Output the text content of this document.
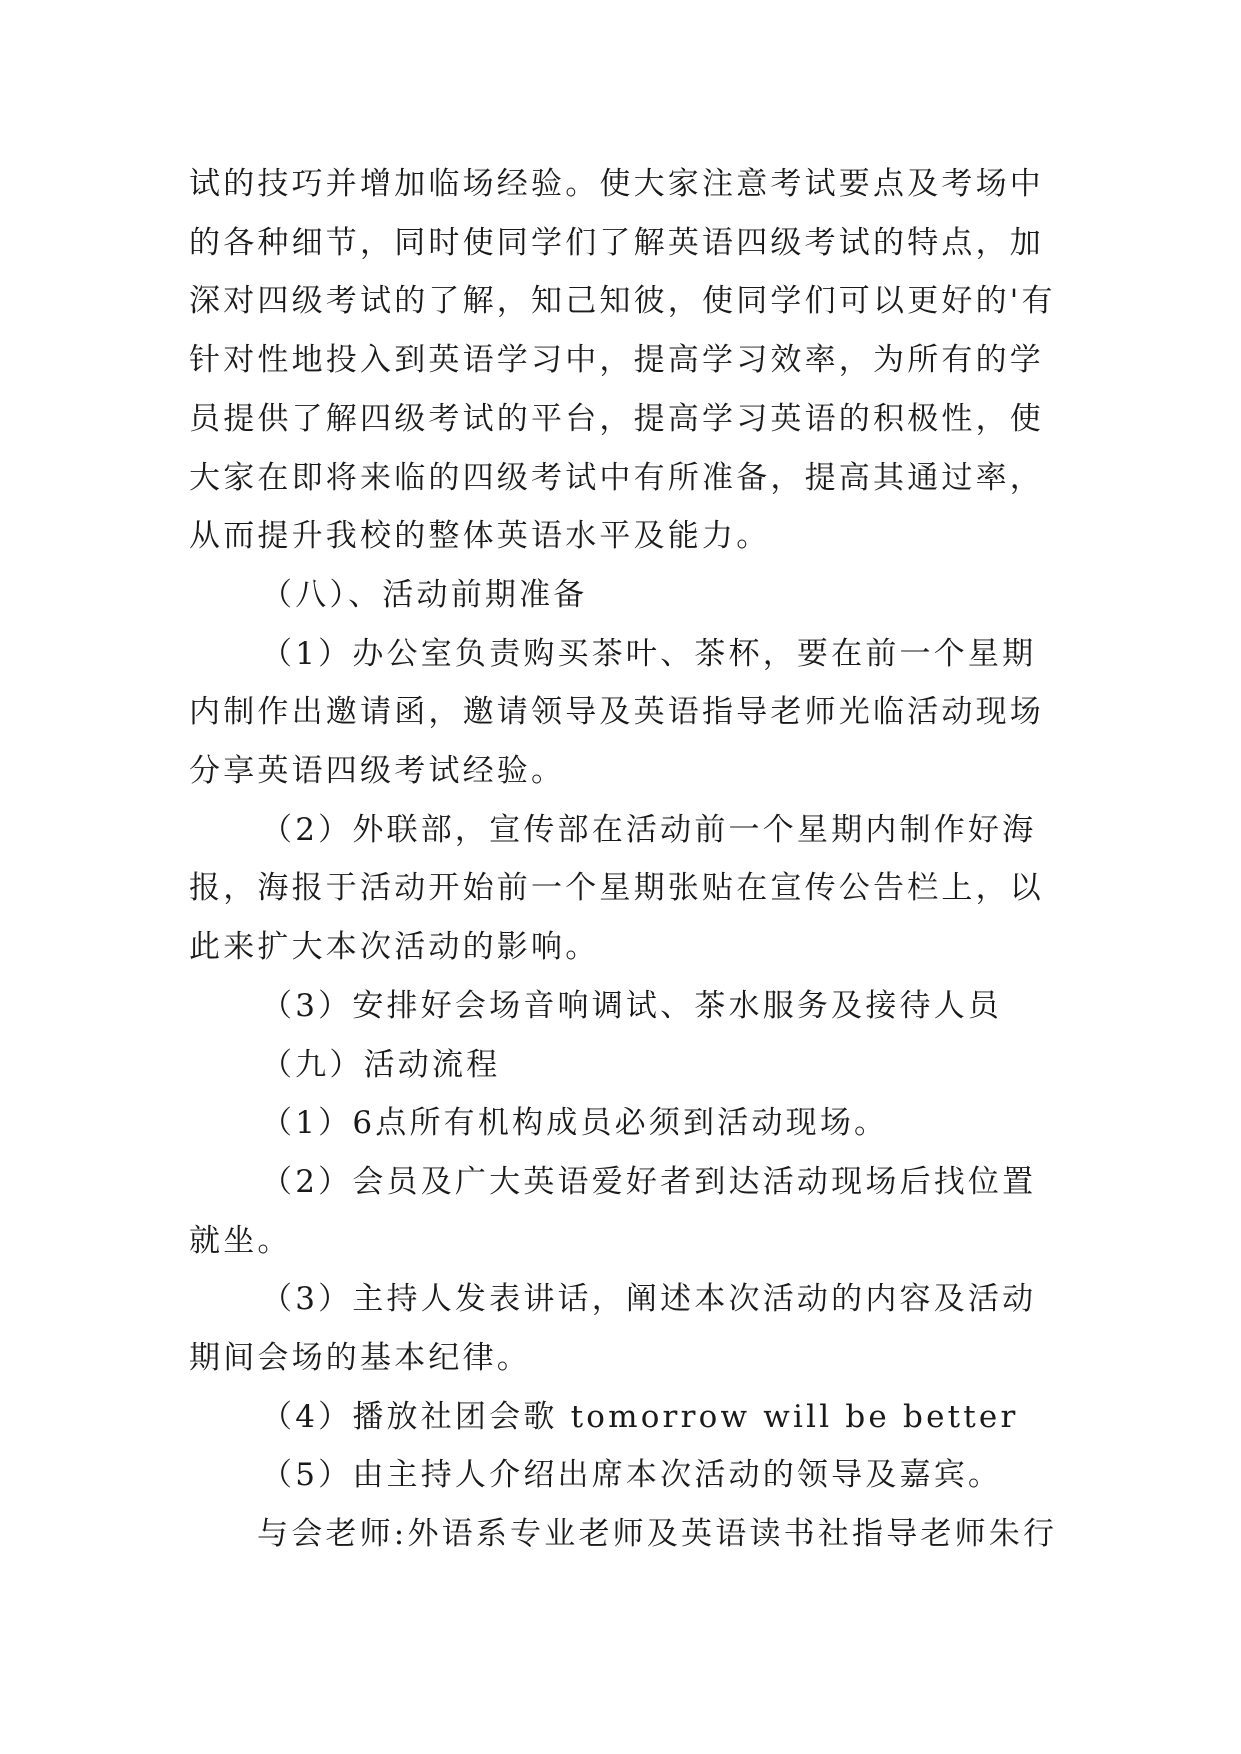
试的技巧并增加临场经验。使大家注意考试要点及考场中的各种细节，同时使同学们了解英语四级考试的特点，加深对四级考试的了解，知己知彼，使同学们可以更好的'有针对性地投入到英语学习中，提高学习效率，为所有的学员提供了解四级考试的平台，提高学习英语的积极性，使大家在即将来临的四级考试中有所准备，提高其通过率，从而提升我校的整体英语水平及能力。

（八）、活动前期准备

（1）办公室负责购买茶叶、茶杯，要在前一个星期内制作出邀请函，邀请领导及英语指导老师光临活动现场分享英语四级考试经验。

（2）外联部，宣传部在活动前一个星期内制作好海报，海报于活动开始前一个星期张贴在宣传公告栏上，以此来扩大本次活动的影响。

（3）安排好会场音响调试、茶水服务及接待人员

（九）活动流程

（1）6点所有机构成员必须到活动现场。

（2）会员及广大英语爱好者到达活动现场后找位置就坐。

（3）主持人发表讲话，阐述本次活动的内容及活动期间会场的基本纪律。

（4）播放社团会歌 tomorrow will be better

（5）由主持人介绍出席本次活动的领导及嘉宾。

与会老师:外语系专业老师及英语读书社指导老师朱行
